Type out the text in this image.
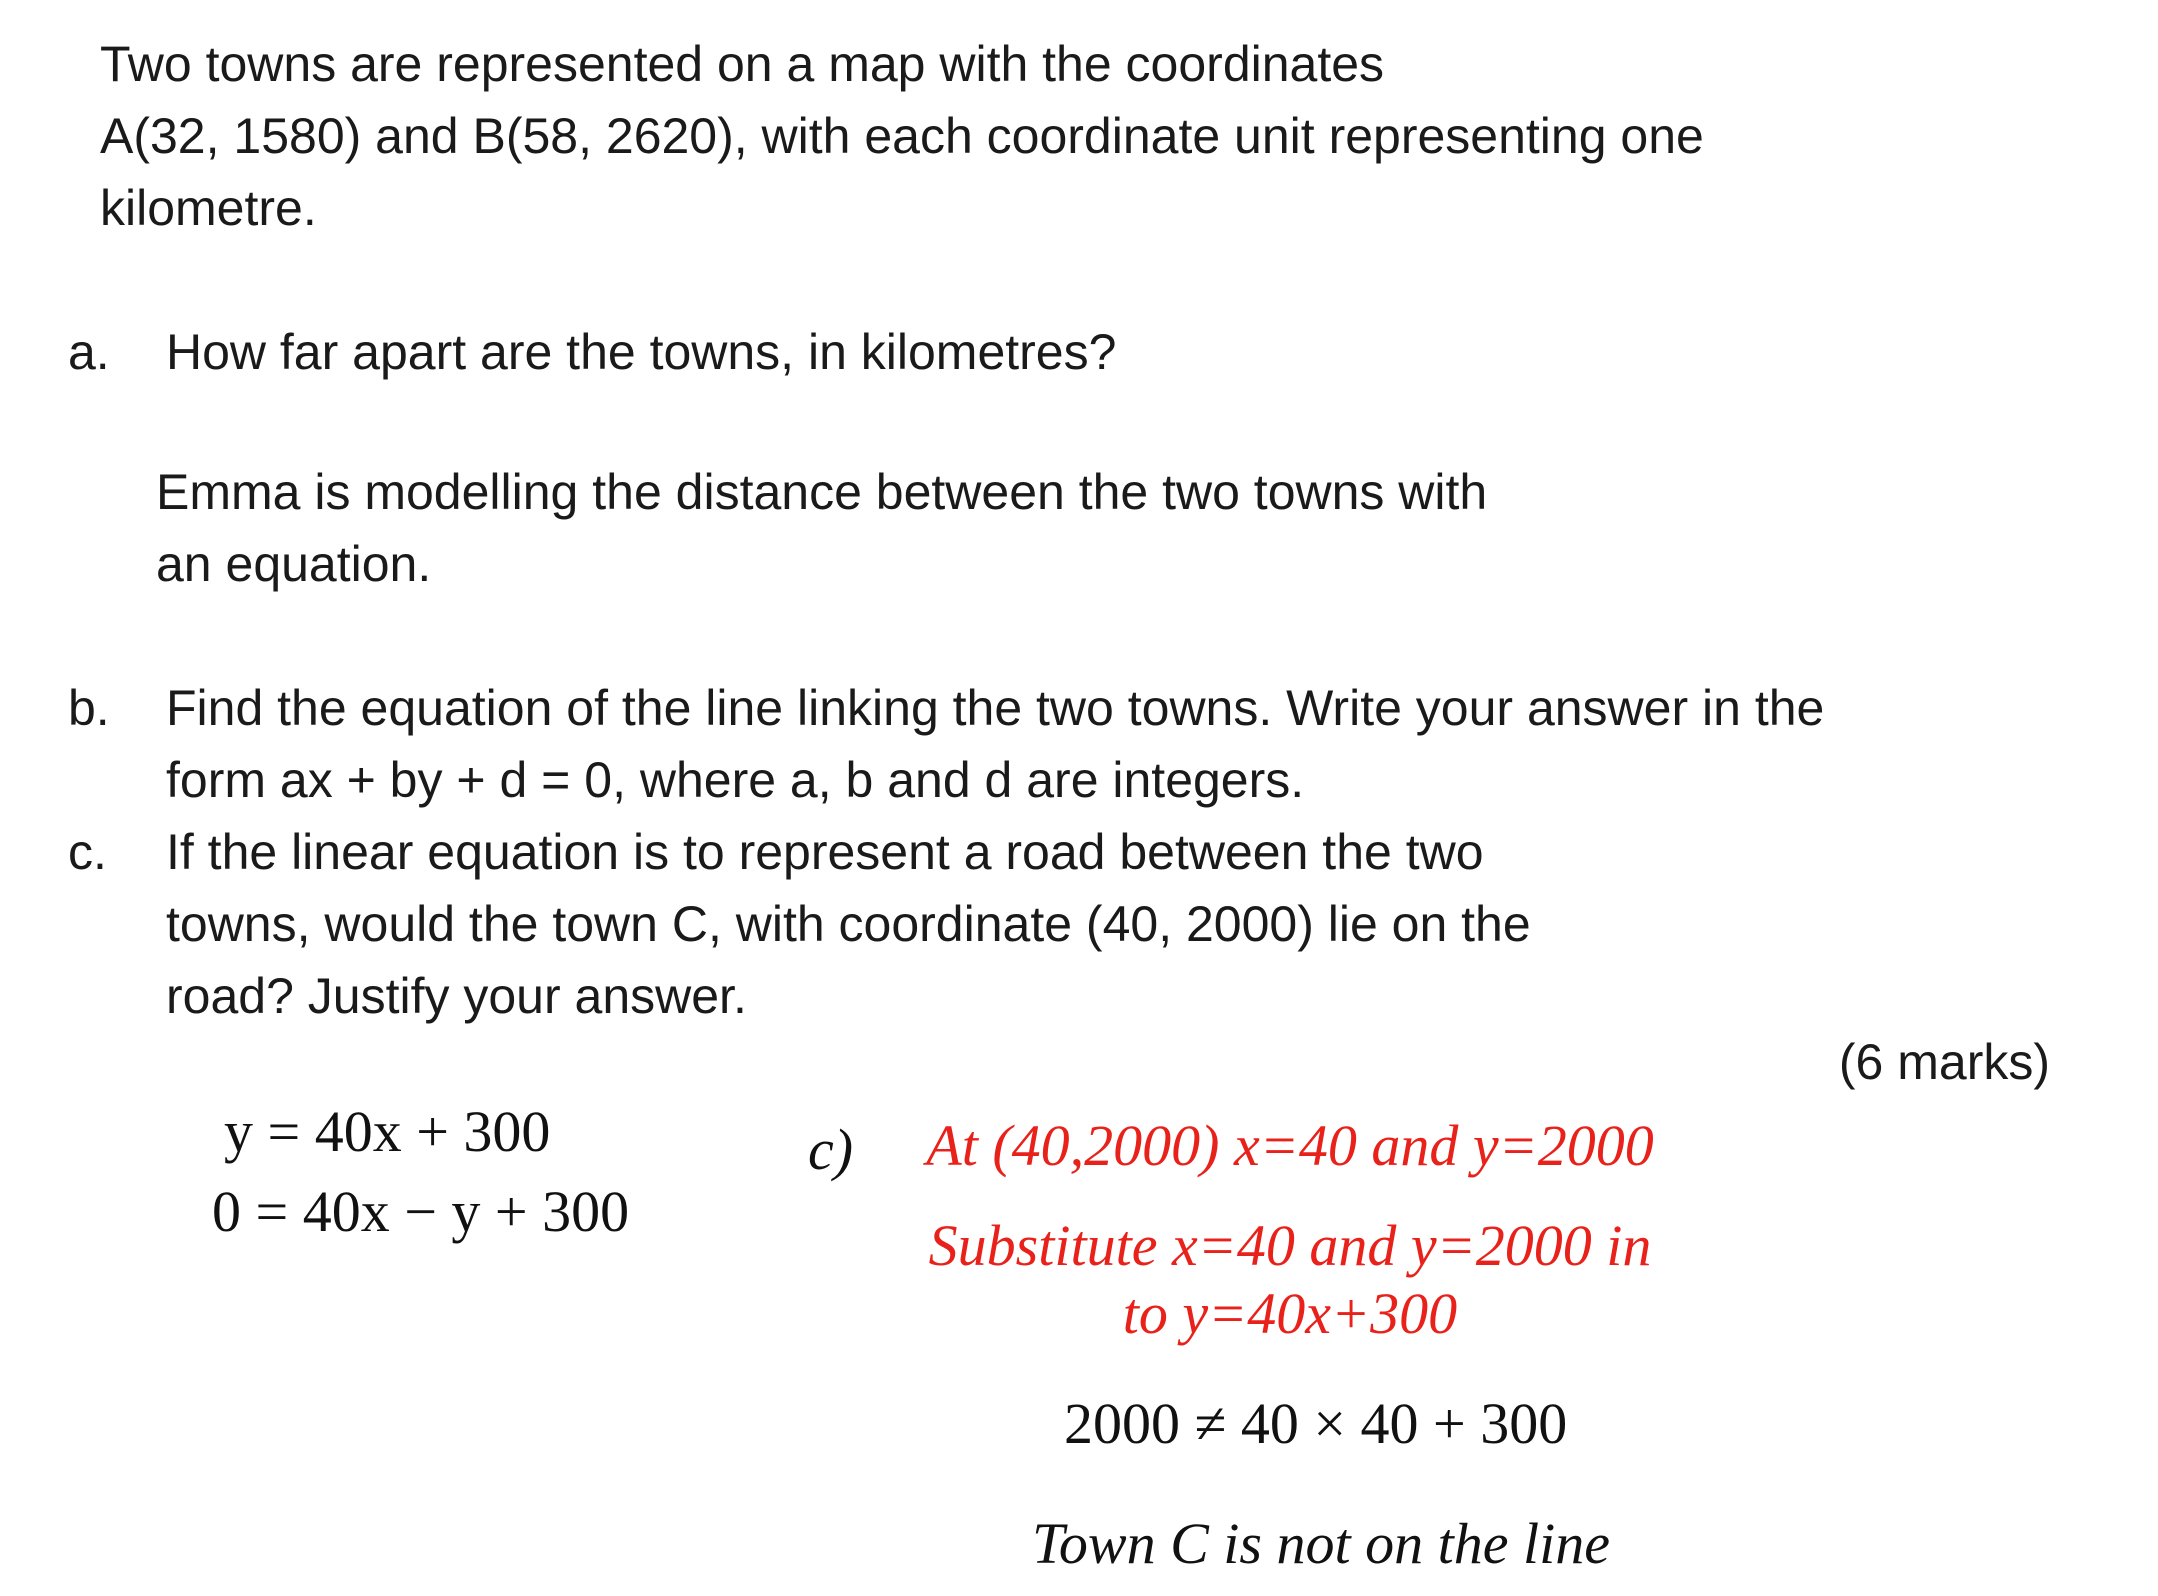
Two towns are represented on a map with the coordinates
A(32, 1580) and B(58, 2620), with each coordinate unit representing one
kilometre.
a. How far apart are the towns, in kilometres?
Emma is modelling the distance between the two towns with
an equation.
b. Find the equation of the line linking the two towns. Write your answer in the
form ax + by + d = 0, where a, b and d are integers.
c. If the linear equation is to represent a road between the two
towns, would the town C, with coordinate (40, 2000) lie on the
road? Justify your answer.
(6 marks)
y = 40x + 300
0 = 40x − y + 300
c)	At (40,2000) x=40 and y=2000
Substitute x=40 and y=2000 in
to y=40x+300
2000 ≠ 40 × 40 + 300
Town C is not on the line
